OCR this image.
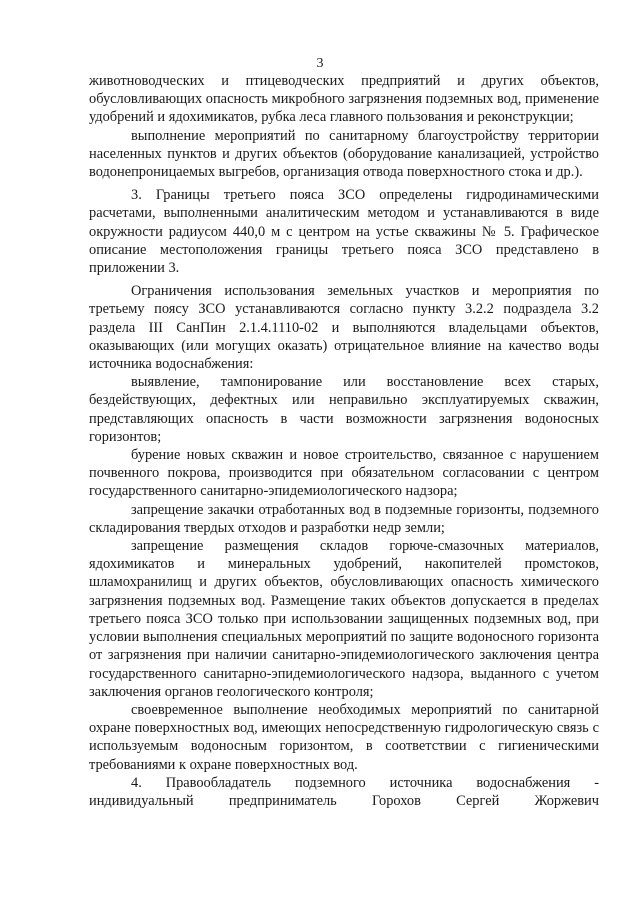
3

животноводческих и птицеводческих предприятий и других объектов, обусловливающих опасность микробного загрязнения подземных вод, применение удобрений и ядохимикатов, рубка леса главного пользования и реконструкции;

выполнение мероприятий по санитарному благоустройству территории населенных пунктов и других объектов (оборудование канализацией, устройство водонепроницаемых выгребов, организация отвода поверхностного стока и др.).

3. Границы третьего пояса ЗСО определены гидродинамическими расчетами, выполненными аналитическим методом и устанавливаются в виде окружности радиусом 440,0 м с центром на устье скважины № 5. Графическое описание местоположения границы третьего пояса ЗСО представлено в приложении 3.

Ограничения использования земельных участков и мероприятия по третьему поясу ЗСО устанавливаются согласно пункту 3.2.2 подраздела 3.2 раздела III СанПин 2.1.4.1110-02 и выполняются владельцами объектов, оказывающих (или могущих оказать) отрицательное влияние на качество воды источника водоснабжения:

выявление, тампонирование или восстановление всех старых, бездействующих, дефектных или неправильно эксплуатируемых скважин, представляющих опасность в части возможности загрязнения водоносных горизонтов;

бурение новых скважин и новое строительство, связанное с нарушением почвенного покрова, производится при обязательном согласовании с центром государственного санитарно-эпидемиологического надзора;

запрещение закачки отработанных вод в подземные горизонты, подземного складирования твердых отходов и разработки недр земли;

запрещение размещения складов горюче-смазочных материалов, ядохимикатов и минеральных удобрений, накопителей промстоков, шламохранилищ и других объектов, обусловливающих опасность химического загрязнения подземных вод. Размещение таких объектов допускается в пределах третьего пояса ЗСО только при использовании защищенных подземных вод, при условии выполнения специальных мероприятий по защите водоносного горизонта от загрязнения при наличии санитарно-эпидемиологического заключения центра государственного санитарно-эпидемиологического надзора, выданного с учетом заключения органов геологического контроля;

своевременное выполнение необходимых мероприятий по санитарной охране поверхностных вод, имеющих непосредственную гидрологическую связь с используемым водоносным горизонтом, в соответствии с гигиеническими требованиями к охране поверхностных вод.

4. Правообладатель подземного источника водоснабжения - индивидуальный предприниматель Горохов Сергей Жоржевич
